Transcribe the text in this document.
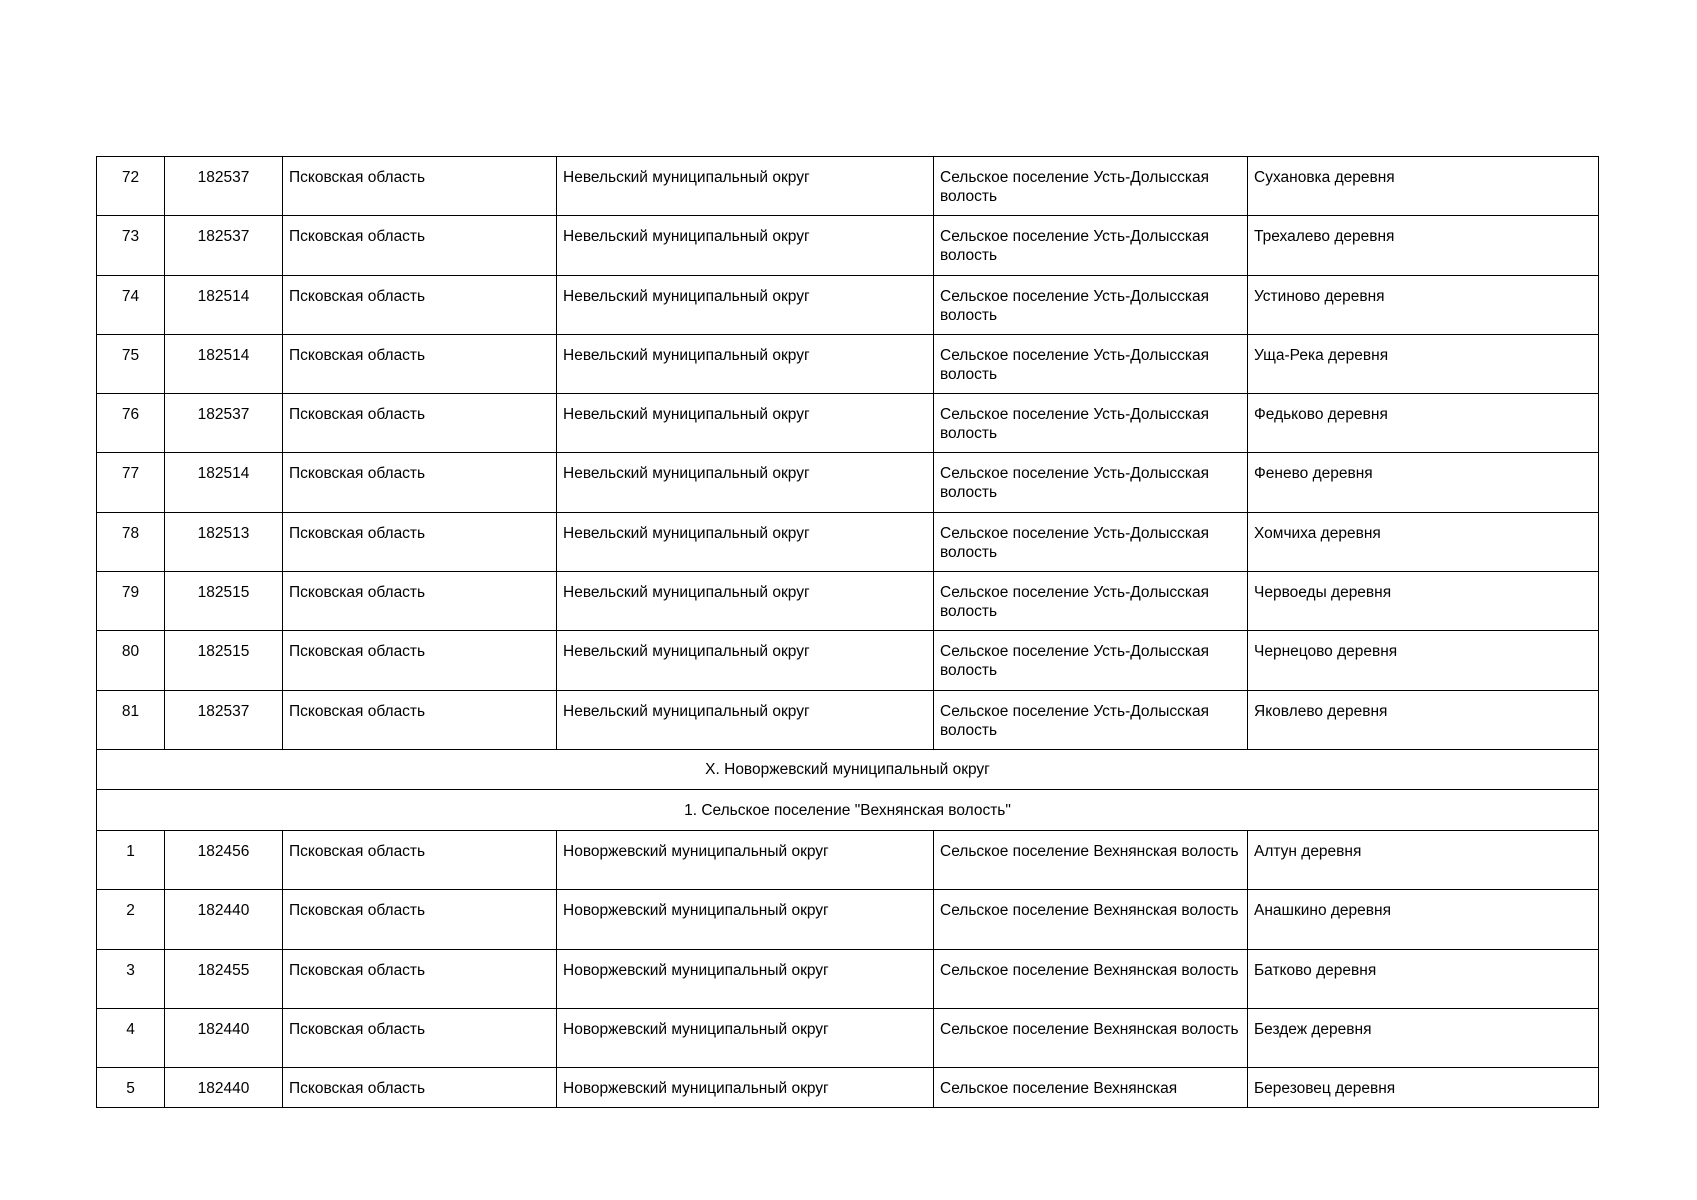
72	182537	Псковская область	Невельский муниципальный округ	Сельское поселение Усть-Долысская волость	Сухановка деревня
73	182537	Псковская область	Невельский муниципальный округ	Сельское поселение Усть-Долысская волость	Трехалево деревня
74	182514	Псковская область	Невельский муниципальный округ	Сельское поселение Усть-Долысская волость	Устиново деревня
75	182514	Псковская область	Невельский муниципальный округ	Сельское поселение Усть-Долысская волость	Уща-Река деревня
76	182537	Псковская область	Невельский муниципальный округ	Сельское поселение Усть-Долысская волость	Федьково деревня
77	182514	Псковская область	Невельский муниципальный округ	Сельское поселение Усть-Долысская волость	Фенево деревня
78	182513	Псковская область	Невельский муниципальный округ	Сельское поселение Усть-Долысская волость	Хомчиха деревня
79	182515	Псковская область	Невельский муниципальный округ	Сельское поселение Усть-Долысская волость	Червоеды деревня
80	182515	Псковская область	Невельский муниципальный округ	Сельское поселение Усть-Долысская волость	Чернецово деревня
81	182537	Псковская область	Невельский муниципальный округ	Сельское поселение Усть-Долысская волость	Яковлево деревня
X. Новоржевский муниципальный округ					
1. Сельское поселение "Вехнянская волость"					
1	182456	Псковская область	Новоржевский муниципальный округ	Сельское поселение Вехнянская волость	Алтун деревня
2	182440	Псковская область	Новоржевский муниципальный округ	Сельское поселение Вехнянская волость	Анашкино деревня
3	182455	Псковская область	Новоржевский муниципальный округ	Сельское поселение Вехнянская волость	Батково деревня
4	182440	Псковская область	Новоржевский муниципальный округ	Сельское поселение Вехнянская волость	Бездеж деревня
5	182440	Псковская область	Новоржевский муниципальный округ	Сельское поселение Вехнянская	Березовец деревня
